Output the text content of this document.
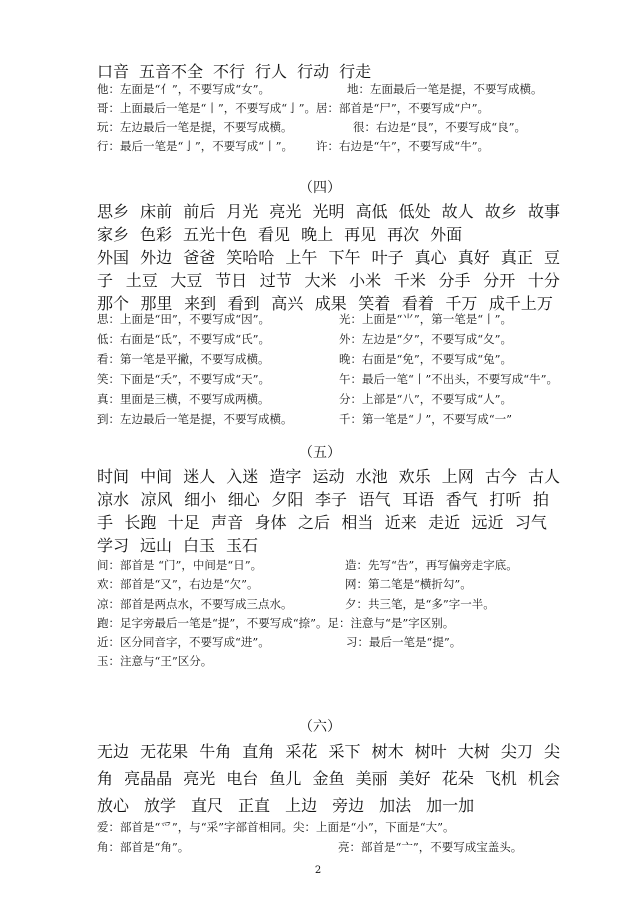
口音 五音不全 不行 行人 行动 行走
他：左面是“亻”，不要写成“女”。	地：左面最后一笔是提，不要写成横。
哥：上面最后一笔是“丨”，不要写成“亅”。 居：部首是“尸”，不要写成“户”。
玩：左边最后一笔是提，不要写成横。	很：右边是“艮”，不要写成“良”。
行：最后一笔是“亅”，不要写成“丨”。	许：右边是“午”，不要写成“牛”。
（四）
思乡 床前 前后 月光 亮光 光明 高低 低处 故人 故乡 故事
家乡 色彩 五光十色 看见 晚上 再见 再次 外面
外国 外边 爸爸 笑哈哈 上午 下午 叶子 真心 真好 真正 豆
子 土豆 大豆 节日 过节 大米 小米 千米 分手 分开 十分
那个 那里 来到 看到 高兴 成果 笑着 看着 千万 成千上万
思：上面是“田”，不要写成“因”。	光：上面是“⺌”，第一笔是“丨”。
低：右面是“氐”，不要写成“氏”。	外：左边是“夕”，不要写成“夂”。
看：第一笔是平撇，不要写成横。	晚：右面是“免”，不要写成“兔”。
笑：下面是“夭”，不要写成“天”。	午：最后一笔“丨”不出头，不要写成“牛”。
真：里面是三横，不要写成两横。	分：上部是“八”，不要写成“人”。
到：左边最后一笔是提，不要写成横。	千：第一笔是“丿”，不要写成“一”
（五）
时间 中间 迷人 入迷 造字 运动 水池 欢乐 上网 古今 古人
凉水 凉风 细小 细心 夕阳 李子 语气 耳语 香气 打听 拍
手 长跑 十足 声音 身体 之后 相当 近来 走近 远近 习气
学习 远山 白玉 玉石
间：部首是 “门”，中间是“日”。	造：先写“告”，再写偏旁走字底。
欢：部首是“又”，右边是“欠”。	网：第二笔是“横折勾”。
凉：部首是两点水，不要写成三点水。	夕：共三笔，是“多”字一半。
跑：足字旁最后一笔是“提”，不要写成“捺”。 足：注意与“是”字区别。
近：区分同音字，不要写成“进”。	习：最后一笔是“提”。
玉：注意与“王”区分。
（六）
无边 无花果 牛角 直角 采花 采下 树木 树叶 大树 尖刀 尖
角 亮晶晶 亮光 电台 鱼儿 金鱼 美丽 美好 花朵 飞机 机会
放心 放学 直尺 正直 上边 旁边 加法 加一加
爱：部首是“爫”，与“采”字部首相同。 尖：上面是“小”，下面是“大”。
角：部首是“角”。	亮：部首是“亠”，不要写成宝盖头。
2
